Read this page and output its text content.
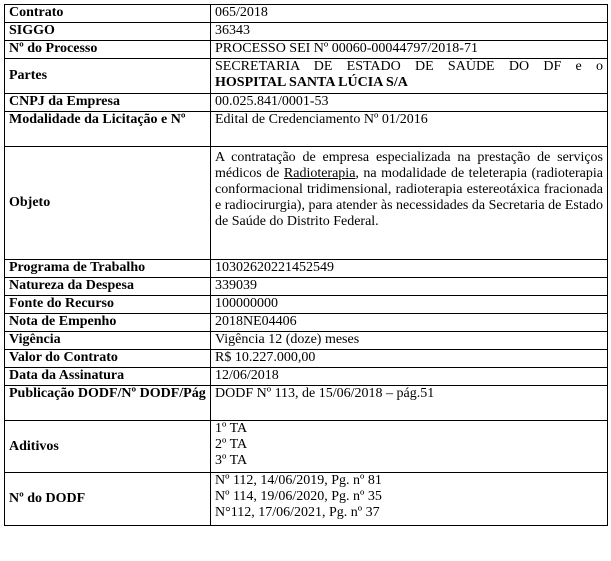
Contrato	065/2018
SIGGO	36343
Nº do Processo	PROCESSO SEI Nº 00060-00044797/2018-71
Partes	SECRETARIA DE ESTADO DE SAÚDE DO DF e o
HOSPITAL SANTA LÚCIA S/A

CNPJ da Empresa	00.025.841/0001-53
Modalidade da Licitação e Nº	Edital de Credenciamento Nº 01/2016
Objeto	A contratação de empresa especializada na prestação de serviços médicos de Radioterapia, na modalidade de teleterapia (radioterapia conformacional tridimensional, radioterapia estereotáxica fracionada e radiocirurgia), para atender às necessidades da Secretaria de Estado de Saúde do Distrito Federal.
Programa de Trabalho	10302620221452549
Natureza da Despesa	339039
Fonte do Recurso	100000000
Nota de Empenho	2018NE04406
Vigência	Vigência 12 (doze) meses
Valor do Contrato	R$ 10.227.000,00
Data da Assinatura	12/06/2018
Publicação DODF/Nº DODF/Pág	DODF Nº 113, de 15/06/2018 – pág.51
Aditivos	1º TA
2º TA
3º TA

Nº do DODF	Nº 112, 14/06/2019, Pg. nº 81
Nº 114, 19/06/2020, Pg. nº 35
N°112, 17/06/2021, Pg. nº 37
